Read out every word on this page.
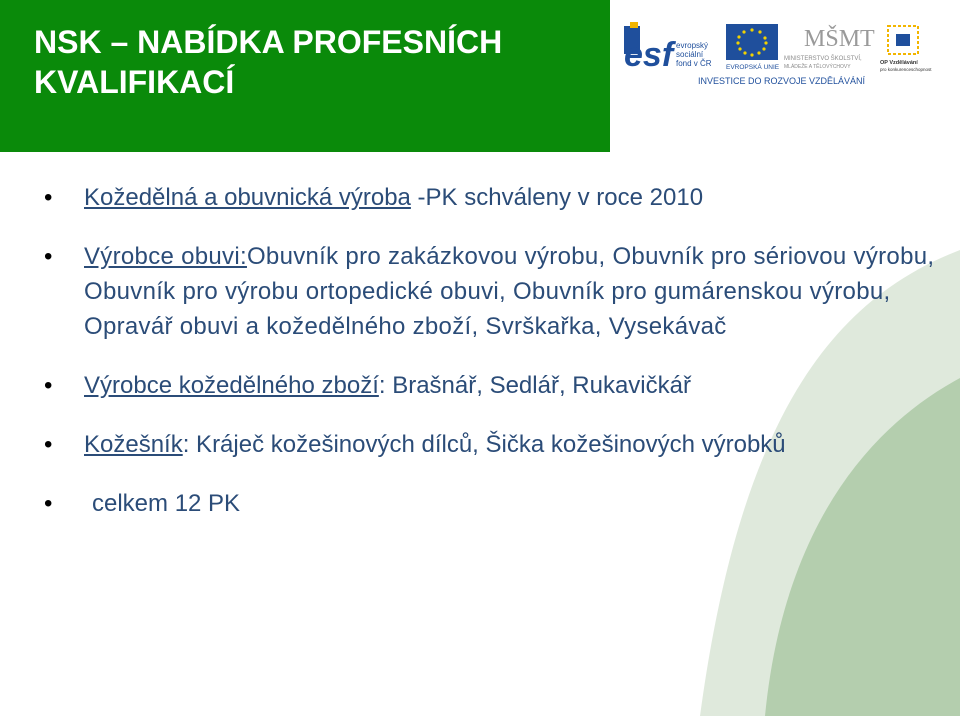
NSK – NABÍDKA PROFESNÍCH KVALIFIKACÍ
esf evropský
sociální
fond v ČR EVROPSKÁ UNIE
MŠMT
MINISTERSTVO ŠKOLSTVÍ,
MLÁDEŽE A TĚLOVÝCHOVY
OP Vzdělávání
pro konkurenceschopnost
INVESTICE DO ROZVOJE VZDĚLÁVÁNÍ
• Kožedělná a obuvnická výroba -PK schváleny v roce 2010
• Výrobce obuvi:Obuvník pro zakázkovou výrobu, Obuvník pro sériovou výrobu, Obuvník pro výrobu ortopedické obuvi, Obuvník pro gumárenskou výrobu, Opravář obuvi a kožedělného zboží, Svrškařka, Vysekávač
• Výrobce kožedělného zboží: Brašnář, Sedlář, Rukavičkář
• Kožešník: Kráječ kožešinových dílců, Šička kožešinových výrobků
• celkem 12 PK
